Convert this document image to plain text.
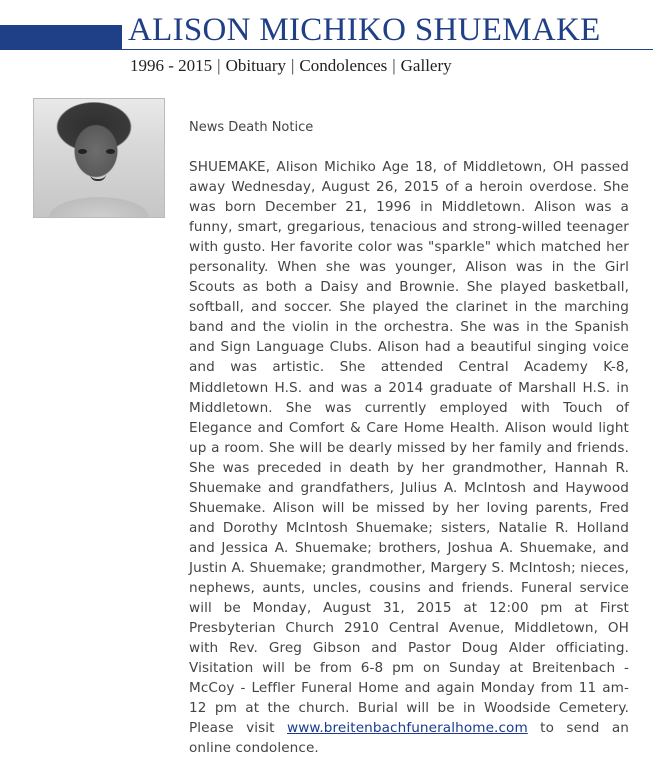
ALISON MICHIKO SHUEMAKE
1996 - 2015 | Obituary | Condolences | Gallery
News Death Notice
SHUEMAKE, Alison Michiko Age 18, of Middletown, OH passed away Wednesday, August 26, 2015 of a heroin overdose. She was born December 21, 1996 in Middletown. Alison was a funny, smart, gregarious, tenacious and strong-willed teenager with gusto. Her favorite color was "sparkle" which matched her personality. When she was younger, Alison was in the Girl Scouts as both a Daisy and Brownie. She played basketball, softball, and soccer. She played the clarinet in the marching band and the violin in the orchestra. She was in the Spanish and Sign Language Clubs. Alison had a beautiful singing voice and was artistic. She attended Central Academy K-8, Middletown H.S. and was a 2014 graduate of Marshall H.S. in Middletown. She was currently employed with Touch of Elegance and Comfort & Care Home Health. Alison would light up a room. She will be dearly missed by her family and friends. She was preceded in death by her grandmother, Hannah R. Shuemake and grandfathers, Julius A. McIntosh and Haywood Shuemake. Alison will be missed by her loving parents, Fred and Dorothy McIntosh Shuemake; sisters, Natalie R. Holland and Jessica A. Shuemake; brothers, Joshua A. Shuemake, and Justin A. Shuemake; grandmother, Margery S. McIntosh; nieces, nephews, aunts, uncles, cousins and friends. Funeral service will be Monday, August 31, 2015 at 12:00 pm at First Presbyterian Church 2910 Central Avenue, Middletown, OH with Rev. Greg Gibson and Pastor Doug Alder officiating. Visitation will be from 6-8 pm on Sunday at Breitenbach - McCoy - Leffler Funeral Home and again Monday from 11 am-12 pm at the church. Burial will be in Woodside Cemetery. Please visit www.breitenbachfuneralhome.com to send an online condolence.
